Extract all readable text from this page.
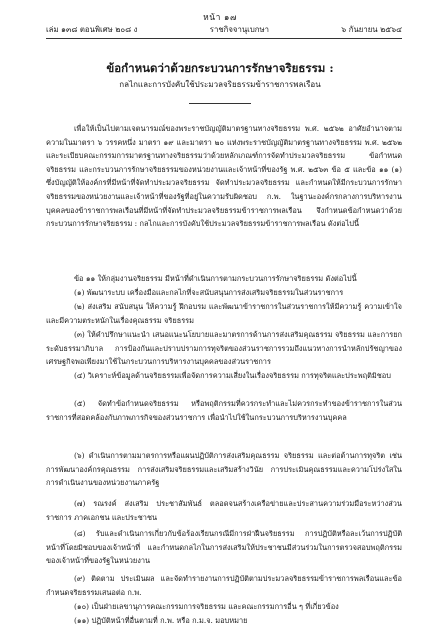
หน้า ๑๗
เล่ม ๑๓๘ ตอนพิเศษ ๒๐๘ ง	ราชกิจจานุเบกษา	๖ กันยายน ๒๕๖๔
ข้อกำหนดว่าด้วยกระบวนการรักษาจริยธรรม :
กลไกและการบังคับใช้ประมวลจริยธรรมข้าราชการพลเรือน
เพื่อให้เป็นไปตามเจตนารมณ์ของพระราชบัญญัติมาตรฐานทางจริยธรรม พ.ศ. ๒๕๖๒ อาศัยอำนาจตามความในมาตรา ๖ วรรคหนึ่ง มาตรา ๑๙ และมาตรา ๒๐ แห่งพระราชบัญญัติมาตรฐานทางจริยธรรม พ.ศ. ๒๕๖๒ และระเบียบคณะกรรมการมาตรฐานทางจริยธรรมว่าด้วยหลักเกณฑ์การจัดทำประมวลจริยธรรม ข้อกำหนดจริยธรรม และกระบวนการรักษาจริยธรรมของหน่วยงานและเจ้าหน้าที่ของรัฐ พ.ศ. ๒๕๖๓ ข้อ ๕ และข้อ ๑๑ (๑) ซึ่งบัญญัติให้องค์กรที่มีหน้าที่จัดทำประมวลจริยธรรม จัดทำประมวลจริยธรรม และกำหนดให้มีกระบวนการรักษาจริยธรรมของหน่วยงานและเจ้าหน้าที่ของรัฐที่อยู่ในความรับผิดชอบ ก.พ. ในฐานะองค์กรกลางการบริหารงานบุคคลของข้าราชการพลเรือนที่มีหน้าที่จัดทำประมวลจริยธรรมข้าราชการพลเรือน จึงกำหนดข้อกำหนดว่าด้วยกระบวนการรักษาจริยธรรม : กลไกและการบังคับใช้ประมวลจริยธรรมข้าราชการพลเรือน ดังต่อไปนี้
ข้อ ๑๑ ให้กลุ่มงานจริยธรรม มีหน้าที่ดำเนินการตามกระบวนการรักษาจริยธรรม ดังต่อไปนี้
(๑) พัฒนาระบบ เครื่องมือและกลไกที่จะสนับสนุนการส่งเสริมจริยธรรมในส่วนราชการ
(๒) ส่งเสริม สนับสนุน ให้ความรู้ ฝึกอบรม และพัฒนาข้าราชการในส่วนราชการให้มีความรู้ ความเข้าใจ และมีความตระหนักในเรื่องคุณธรรม จริยธรรม
(๓) ให้คำปรึกษาแนะนำ เสนอแนะนโยบายและมาตรการด้านการส่งเสริมคุณธรรม จริยธรรม และการยกระดับธรรมาภิบาล การป้องกันและปราบปรามการทุจริตของส่วนราชการรวมถึงแนวทางการนำหลักปรัชญาของเศรษฐกิจพอเพียงมาใช้ในกระบวนการบริหารงานบุคคลของส่วนราชการ
(๔) วิเคราะห์ข้อมูลด้านจริยธรรมเพื่อจัดการความเสี่ยงในเรื่องจริยธรรม การทุจริตและประพฤติมิชอบ
(๕) จัดทำข้อกำหนดจริยธรรม หรือพฤติกรรมที่ควรกระทำและไม่ควรกระทำของข้าราชการในส่วนราชการที่สอดคล้องกับภาพภารกิจของส่วนราชการ เพื่อนำไปใช้ในกระบวนการบริหารงานบุคคล
(๖) ดำเนินการตามมาตรการหรือแผนปฏิบัติการส่งเสริมคุณธรรม จริยธรรม และต่อต้านการทุจริต เช่น การพัฒนาองค์กรคุณธรรม การส่งเสริมจริยธรรมและเสริมสร้างวินัย การประเมินคุณธรรมและความโปร่งใสในการดำเนินงานของหน่วยงานภาครัฐ
(๗) รณรงค์ ส่งเสริม ประชาสัมพันธ์ ตลอดจนสร้างเครือข่ายและประสานความร่วมมือระหว่างส่วนราชการ ภาคเอกชน และประชาชน
(๘) รับและดำเนินการเกี่ยวกับข้อร้องเรียนกรณีมีการฝ่าฝืนจริยธรรม การปฏิบัติหรือละเว้นการปฏิบัติหน้าที่โดยมิชอบของเจ้าหน้าที่ และกำหนดกลไกในการส่งเสริมให้ประชาชนมีส่วนร่วมในการตรวจสอบพฤติกรรมของเจ้าหน้าที่ของรัฐในหน่วยงาน
(๙) ติดตาม ประเมินผล และจัดทำรายงานการปฏิบัติตามประมวลจริยธรรมข้าราชการพลเรือนและข้อกำหนดจริยธรรมเสนอต่อ ก.พ.
(๑๐) เป็นฝ่ายเลขานุการคณะกรรมการจริยธรรม และคณะกรรมการอื่น ๆ ที่เกี่ยวข้อง
(๑๑) ปฏิบัติหน้าที่อื่นตามที่ ก.พ. หรือ ก.ม.จ. มอบหมาย
